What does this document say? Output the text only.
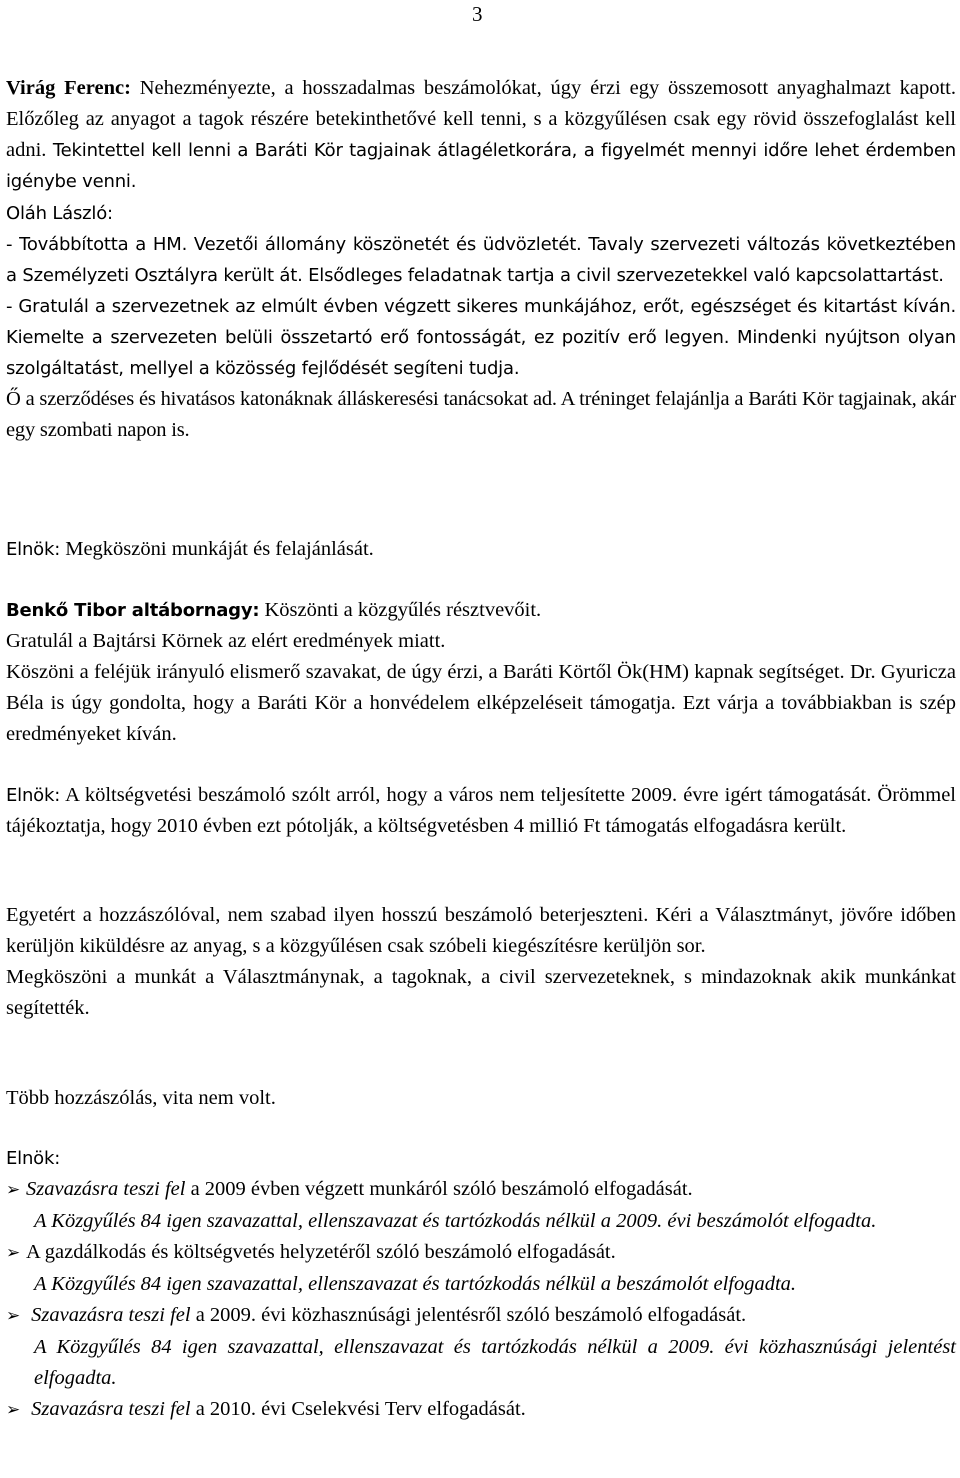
3

Virág Ferenc: Nehezményezte, a hosszadalmas beszámolókat, úgy érzi egy összemosott anyaghalmazt kapott. Előzőleg az anyagot a tagok részére betekinthetővé kell tenni, s a közgyűlésen csak egy rövid összefoglalást kell adni. Tekintettel kell lenni a Baráti Kör tagjainak átlagéletkorára, a figyelmét mennyi időre lehet érdemben igénybe venni.

Oláh László:

- Továbbította a HM. Vezetői állomány köszönetét és üdvözletét. Tavaly szervezeti változás következtében a Személyzeti Osztályra került át. Elsődleges feladatnak tartja a civil szervezetekkel való kapcsolattartást.

- Gratulál a szervezetnek az elmúlt évben végzett sikeres munkájához, erőt, egészséget és kitartást kíván. Kiemelte a szervezeten belüli összetartó erő fontosságát, ez pozitív erő legyen. Mindenki nyújtson olyan szolgáltatást, mellyel a közösség fejlődését segíteni tudja.

Ő a szerződéses és hivatásos katonáknak álláskeresési tanácsokat ad. A tréninget felajánlja a Baráti Kör tagjainak, akár egy szombati napon is.

Elnök: Megköszöni munkáját és felajánlását.

Benkő Tibor altábornagy: Köszönti a közgyűlés résztvevőit.

Gratulál a Bajtársi Körnek az elért eredmények miatt.

Köszöni a feléjük irányuló elismerő szavakat, de úgy érzi, a Baráti Körtől Ök(HM) kapnak segítséget. Dr. Gyuricza Béla is úgy gondolta, hogy a Baráti Kör a honvédelem elképzeléseit támogatja. Ezt várja a továbbiakban is szép eredményeket kíván.

Elnök: A költségvetési beszámoló szólt arról, hogy a város nem teljesítette 2009. évre igért támogatását. Örömmel tájékoztatja, hogy 2010 évben ezt pótolják, a költségvetésben 4 millió Ft támogatás elfogadásra került.

Egyetért a hozzászólóval, nem szabad ilyen hosszú beszámoló beterjeszteni. Kéri a Választmányt, jövőre időben kerüljön kiküldésre az anyag, s a közgyűlésen csak szóbeli kiegészítésre kerüljön sor.

Megköszöni a munkát a Választmánynak, a tagoknak, a civil szervezeteknek, s mindazoknak akik munkánkat segítették.

Több hozzászólás, vita nem volt.

Elnök:

➢ Szavazásra teszi fel a 2009 évben végzett munkáról szóló beszámoló elfogadását.

A Közgyűlés 84 igen szavazattal, ellenszavazat és tartózkodás nélkül a 2009. évi beszámolót elfogadta.

➢ A gazdálkodás és költségvetés helyzetéről szóló beszámoló elfogadását.

A Közgyűlés 84 igen szavazattal, ellenszavazat és tartózkodás nélkül a beszámolót elfogadta.

➢ Szavazásra teszi fel a 2009. évi közhasznúsági jelentésről szóló beszámoló elfogadását.

A Közgyűlés 84 igen szavazattal, ellenszavazat és tartózkodás nélkül a 2009. évi közhasznúsági jelentést elfogadta.

➢ Szavazásra teszi fel a 2010. évi Cselekvési Terv elfogadását.
